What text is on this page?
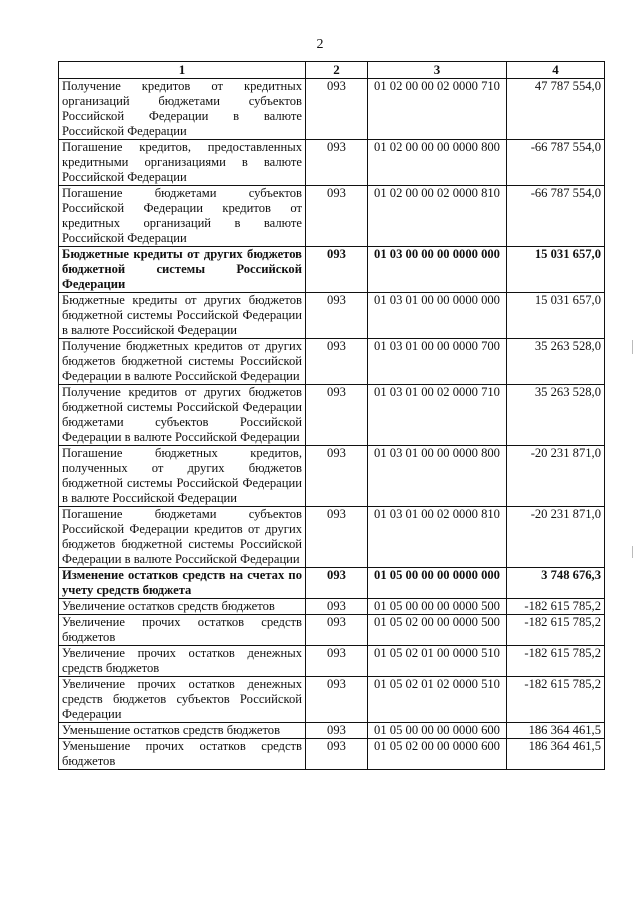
2
1	2	3	4
Получение кредитов от кредитных организаций бюджетами субъектов Российской Федерации в валюте Российской Федерации	093	01 02 00 00 02 0000 710	47 787 554,0
Погашение кредитов, предоставленных кредитными организациями в валюте Российской Федерации	093	01 02 00 00 00 0000 800	-66 787 554,0
Погашение бюджетами субъектов Российской Федерации кредитов от кредитных организаций в валюте Российской Федерации	093	01 02 00 00 02 0000 810	-66 787 554,0
Бюджетные кредиты от других бюджетов бюджетной системы Российской Федерации	093	01 03 00 00 00 0000 000	15 031 657,0
Бюджетные кредиты от других бюджетов бюджетной системы Российской Федерации в валюте Российской Федерации	093	01 03 01 00 00 0000 000	15 031 657,0
Получение бюджетных кредитов от других бюджетов бюджетной системы Российской Федерации в валюте Российской Федерации	093	01 03 01 00 00 0000 700	35 263 528,0
Получение кредитов от других бюджетов бюджетной системы Российской Федерации бюджетами субъектов Российской Федерации в валюте Российской Федерации	093	01 03 01 00 02 0000 710	35 263 528,0
Погашение бюджетных кредитов, полученных от других бюджетов бюджетной системы Российской Федерации в валюте Российской Федерации	093	01 03 01 00 00 0000 800	-20 231 871,0
Погашение бюджетами субъектов Российской Федерации кредитов от других бюджетов бюджетной системы Российской Федерации в валюте Российской Федерации	093	01 03 01 00 02 0000 810	-20 231 871,0
Изменение остатков средств на счетах по учету средств бюджета	093	01 05 00 00 00 0000 000	3 748 676,3
Увеличение остатков средств бюджетов	093	01 05 00 00 00 0000 500	-182 615 785,2
Увеличение прочих остатков средств бюджетов	093	01 05 02 00 00 0000 500	-182 615 785,2
Увеличение прочих остатков денежных средств бюджетов	093	01 05 02 01 00 0000 510	-182 615 785,2
Увеличение прочих остатков денежных средств бюджетов субъектов Российской Федерации	093	01 05 02 01 02 0000 510	-182 615 785,2
Уменьшение остатков средств бюджетов	093	01 05 00 00 00 0000 600	186 364 461,5
Уменьшение прочих остатков средств бюджетов	093	01 05 02 00 00 0000 600	186 364 461,5
